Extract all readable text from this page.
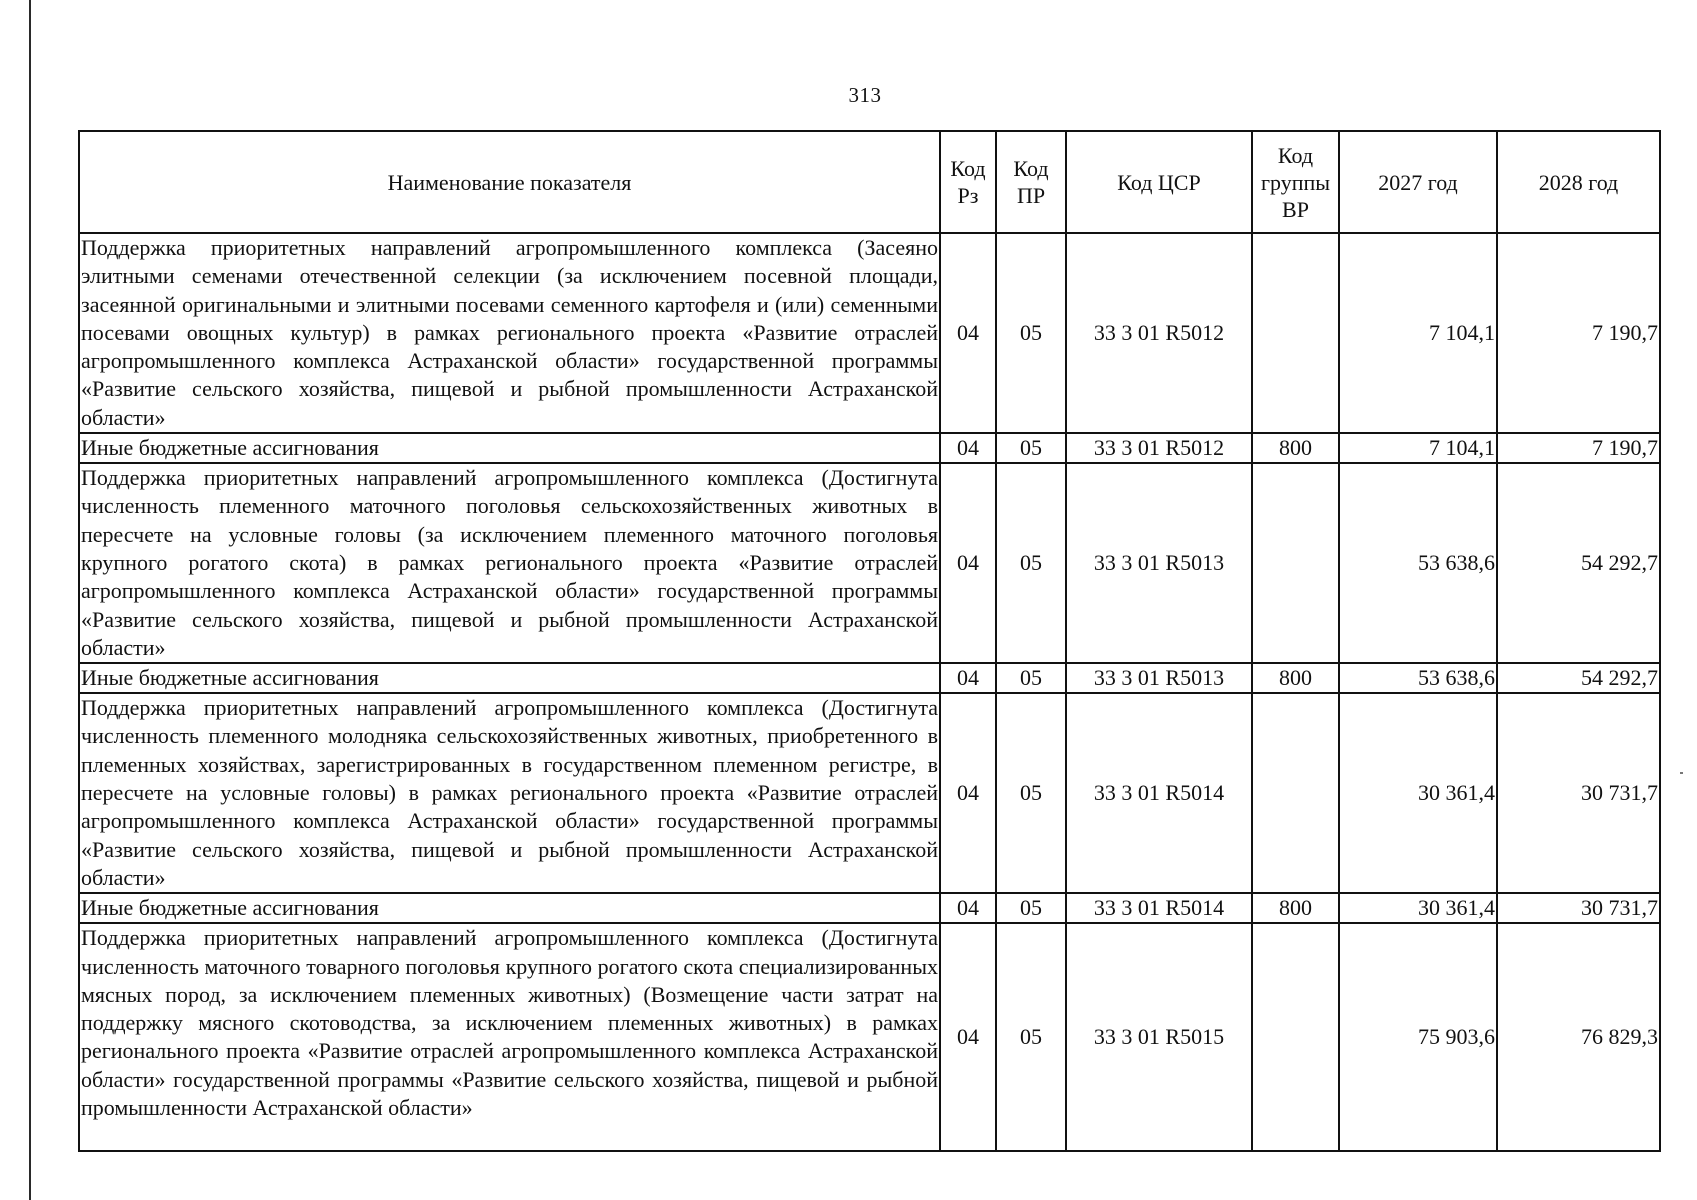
313
Наименование показателя	Код Рз	Код ПР	Код ЦСР	Код группы ВР	2027 год	2028 год
Поддержка приоритетных направлений агропромышленного комплекса (Засеяно элитными семенами отечественной селекции (за исключением посевной площади, засеянной оригинальными и элитными посевами семенного картофеля и (или) семенными посевами овощных культур) в рамках регионального проекта «Развитие отраслей агропромышленного комплекса Астраханской области» государственной программы «Развитие сельского хозяйства, пищевой и рыбной промышленности Астраханской области»	04	05	33 3 01 R5012		7 104,1	7 190,7
Иные бюджетные ассигнования	04	05	33 3 01 R5012	800	7 104,1	7 190,7
Поддержка приоритетных направлений агропромышленного комплекса (Достигнута численность племенного маточного поголовья сельскохозяйственных животных в пересчете на условные головы (за исключением племенного маточного поголовья крупного рогатого скота) в рамках регионального проекта «Развитие отраслей агропромышленного комплекса Астраханской области» государственной программы «Развитие сельского хозяйства, пищевой и рыбной промышленности Астраханской области»	04	05	33 3 01 R5013		53 638,6	54 292,7
Иные бюджетные ассигнования	04	05	33 3 01 R5013	800	53 638,6	54 292,7
Поддержка приоритетных направлений агропромышленного комплекса (Достигнута численность племенного молодняка сельскохозяйственных животных, приобретенного в племенных хозяйствах, зарегистрированных в государственном племенном регистре, в пересчете на условные головы) в рамках регионального проекта «Развитие отраслей агропромышленного комплекса Астраханской области» государственной программы «Развитие сельского хозяйства, пищевой и рыбной промышленности Астраханской области»	04	05	33 3 01 R5014		30 361,4	30 731,7
Иные бюджетные ассигнования	04	05	33 3 01 R5014	800	30 361,4	30 731,7
Поддержка приоритетных направлений агропромышленного комплекса (Достигнута численность маточного товарного поголовья крупного рогатого скота специализированных мясных пород, за исключением племенных животных) (Возмещение части затрат на поддержку мясного скотоводства, за исключением племенных животных) в рамках регионального проекта «Развитие отраслей агропромышленного комплекса Астраханской области» государственной программы «Развитие сельского хозяйства, пищевой и рыбной промышленности Астраханской области»	04	05	33 3 01 R5015		75 903,6	76 829,3
